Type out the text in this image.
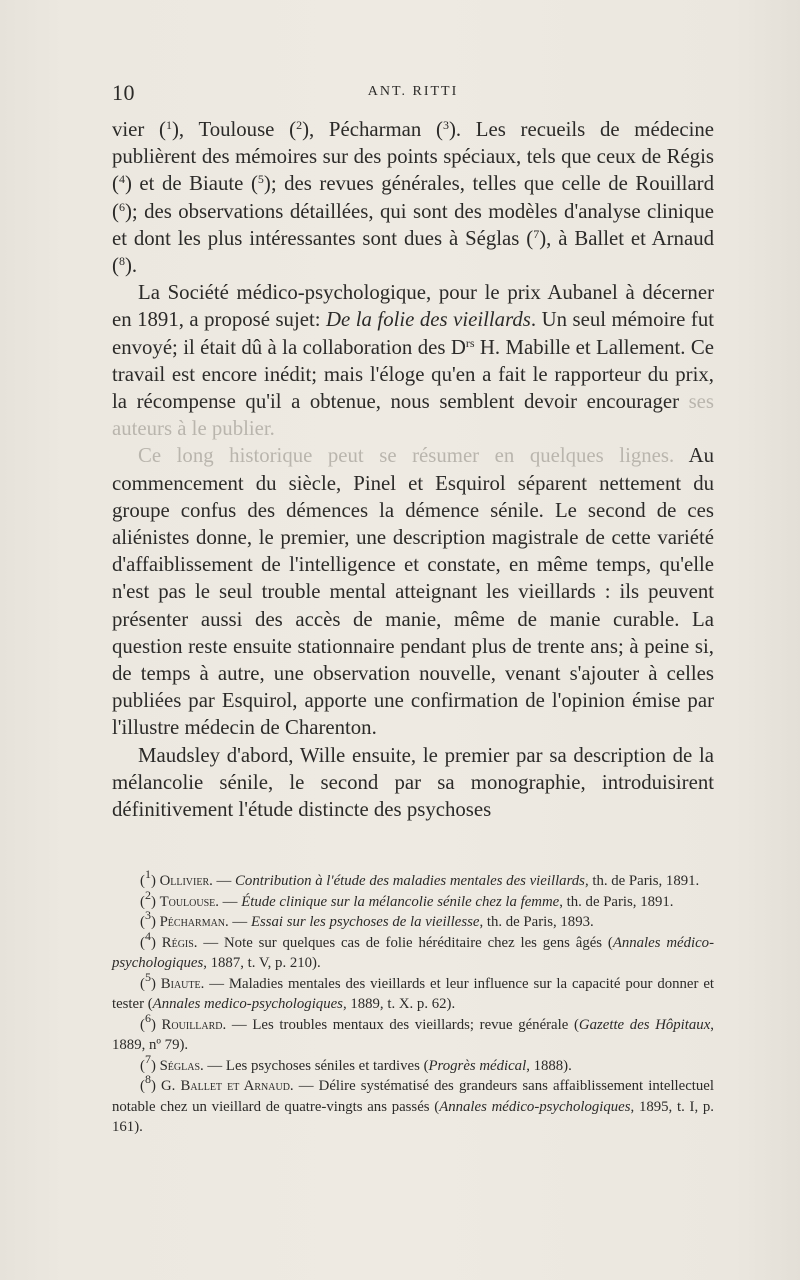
10	ANT. RITTI

vier ($^1$), Toulouse ($^2$), Pécharman ($^3$). Les recueils de médecine publièrent des mémoires sur des points spéciaux, tels que ceux de Régis ($^4$) et de Biaute ($^5$); des revues générales, telles que celle de Rouillard ($^6$); des observations détaillées, qui sont des modèles d'analyse clinique et dont les plus intéressantes sont dues à Séglas ($^7$), à Ballet et Arnaud ($^8$).

La Société médico-psychologique, pour le prix Aubanel à décerner en 1891, a proposé sujet: De la folie des vieillards. Un seul mémoire fut envoyé; il était dû à la collaboration des $D^{rs}$ H. Mabille et Lallement. Ce travail est encore inédit; mais l'éloge qu'en a fait le rapporteur du prix, la récompense qu'il a obtenue, nous semblent devoir encourager ses auteurs à le publier.

Ce long historique peut se résumer en quelques lignes. Au commencement du siècle, Pinel et Esquirol séparent nettement du groupe confus des démences la démence sénile. Le second de ces aliénistes donne, le premier, une description magistrale de cette variété d'affaiblissement de l'intelligence et constate, en même temps, qu'elle n'est pas le seul trouble mental atteignant les vieillards : ils peuvent présenter aussi des accès de manie, même de manie curable. La question reste ensuite stationnaire pendant plus de trente ans; à peine si, de temps à autre, une observation nouvelle, venant s'ajouter à celles publiées par Esquirol, apporte une confirmation de l'opinion émise par l'illustre médecin de Charenton.

Maudsley d'abord, Wille ensuite, le premier par sa description de la mélancolie sénile, le second par sa monographie, introduisirent définitivement l'étude distincte des psychoses

($^1$) Ollivier. — Contribution à l'étude des maladies mentales des vieillards, th. de Paris, 1891.

($^2$) Toulouse. — Étude clinique sur la mélancolie sénile chez la femme, th. de Paris, 1891.

($^3$) Pécharman. — Essai sur les psychoses de la vieillesse, th. de Paris, 1893.

($^4$) Régis. — Note sur quelques cas de folie héréditaire chez les gens âgés (Annales médico-psychologiques, 1887, t. V, p. 210).

($^5$) Biaute. — Maladies mentales des vieillards et leur influence sur la capacité pour donner et tester (Annales medico-psychologiques, 1889, t. X. p. 62).

($^6$) Rouillard. — Les troubles mentaux des vieillards; revue générale (Gazette des Hôpitaux, 1889, nº 79).

($^7$) Séglas. — Les psychoses séniles et tardives (Progrès médical, 1888).

($^8$) G. Ballet et Arnaud. — Délire systématisé des grandeurs sans affaiblissement intellectuel notable chez un vieillard de quatre-vingts ans passés (Annales médico-psychologiques, 1895, t. I, p. 161).
